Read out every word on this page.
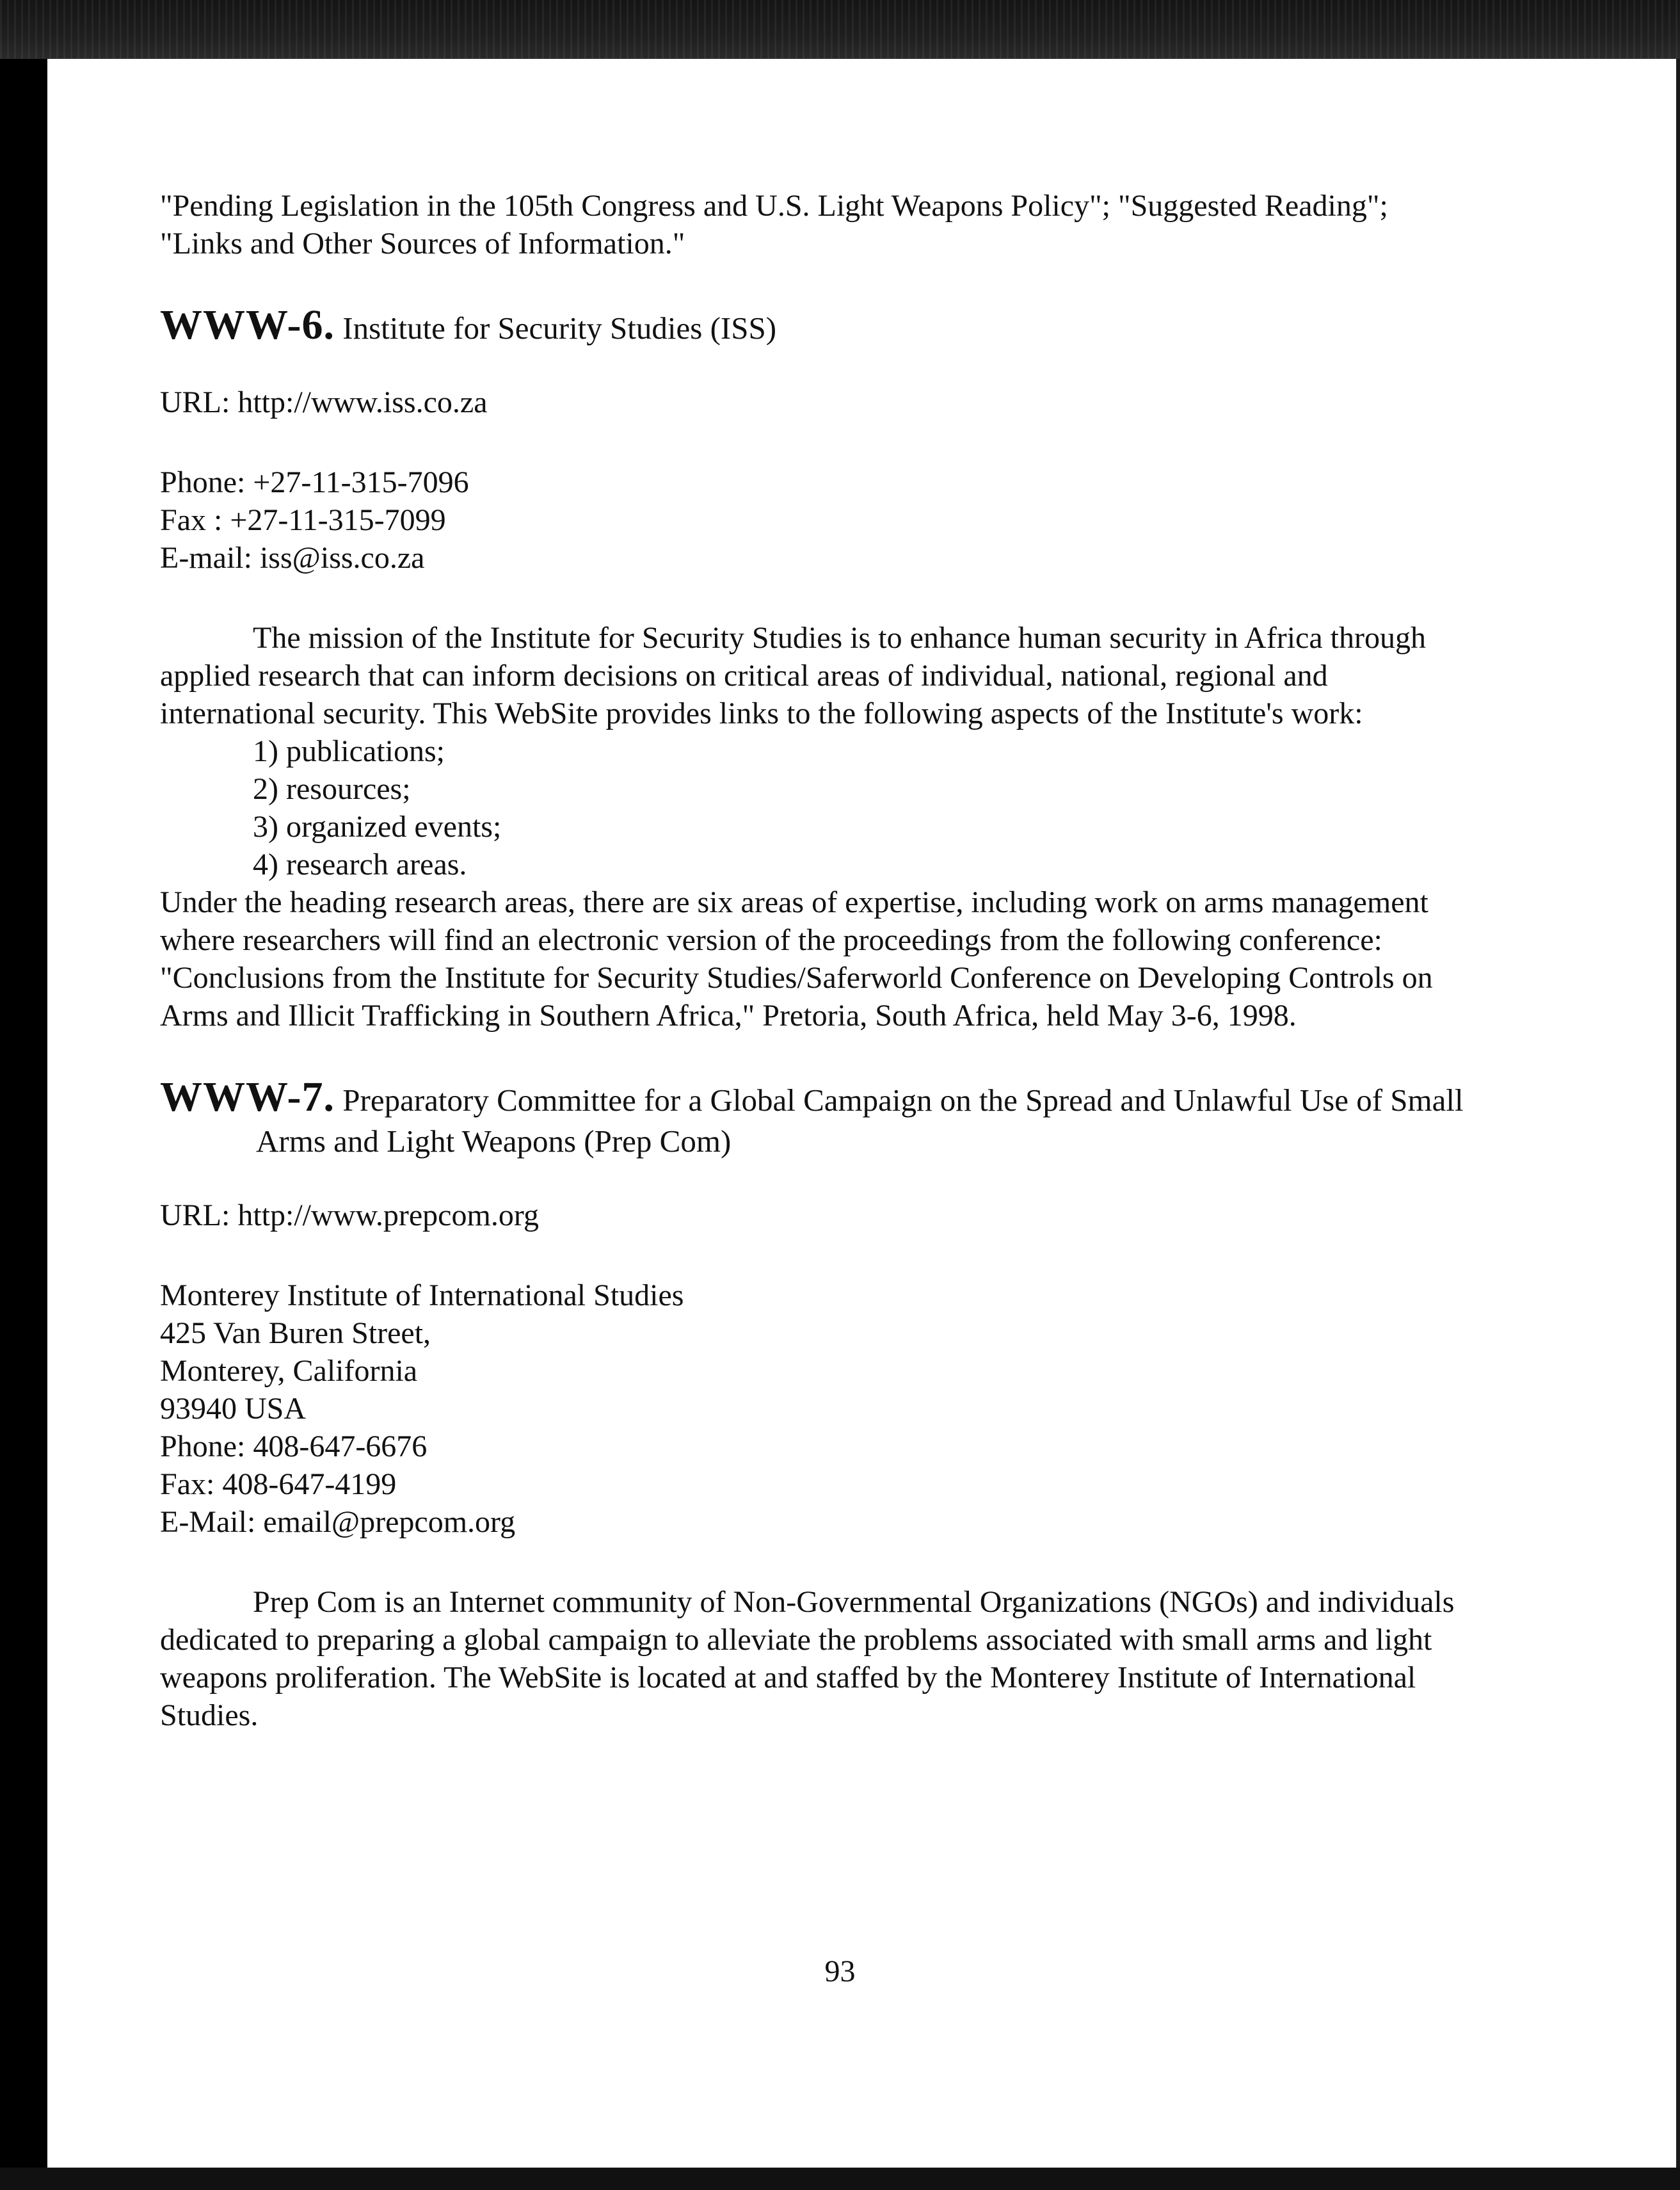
"Pending Legislation in the 105th Congress and U.S. Light Weapons Policy"; "Suggested Reading"; "Links and Other Sources of Information."

WWW-6. Institute for Security Studies (ISS)

URL: http://www.iss.co.za

Phone: +27-11-315-7096
Fax : +27-11-315-7099
E-mail: iss@iss.co.za

The mission of the Institute for Security Studies is to enhance human security in Africa through applied research that can inform decisions on critical areas of individual, national, regional and international security. This WebSite provides links to the following aspects of the Institute's work:

1) publications;
2) resources;
3) organized events;
4) research areas.

Under the heading research areas, there are six areas of expertise, including work on arms management where researchers will find an electronic version of the proceedings from the following conference: "Conclusions from the Institute for Security Studies/Saferworld Conference on Developing Controls on Arms and Illicit Trafficking in Southern Africa," Pretoria, South Africa, held May 3-6, 1998.

WWW-7. Preparatory Committee for a Global Campaign on the Spread and Unlawful Use of Small Arms and Light Weapons (Prep Com)

URL: http://www.prepcom.org

Monterey Institute of International Studies
425 Van Buren Street,
Monterey, California
93940 USA
Phone: 408-647-6676
Fax: 408-647-4199
E-Mail: email@prepcom.org

Prep Com is an Internet community of Non-Governmental Organizations (NGOs) and individuals dedicated to preparing a global campaign to alleviate the problems associated with small arms and light weapons proliferation. The WebSite is located at and staffed by the Monterey Institute of International Studies.

93
